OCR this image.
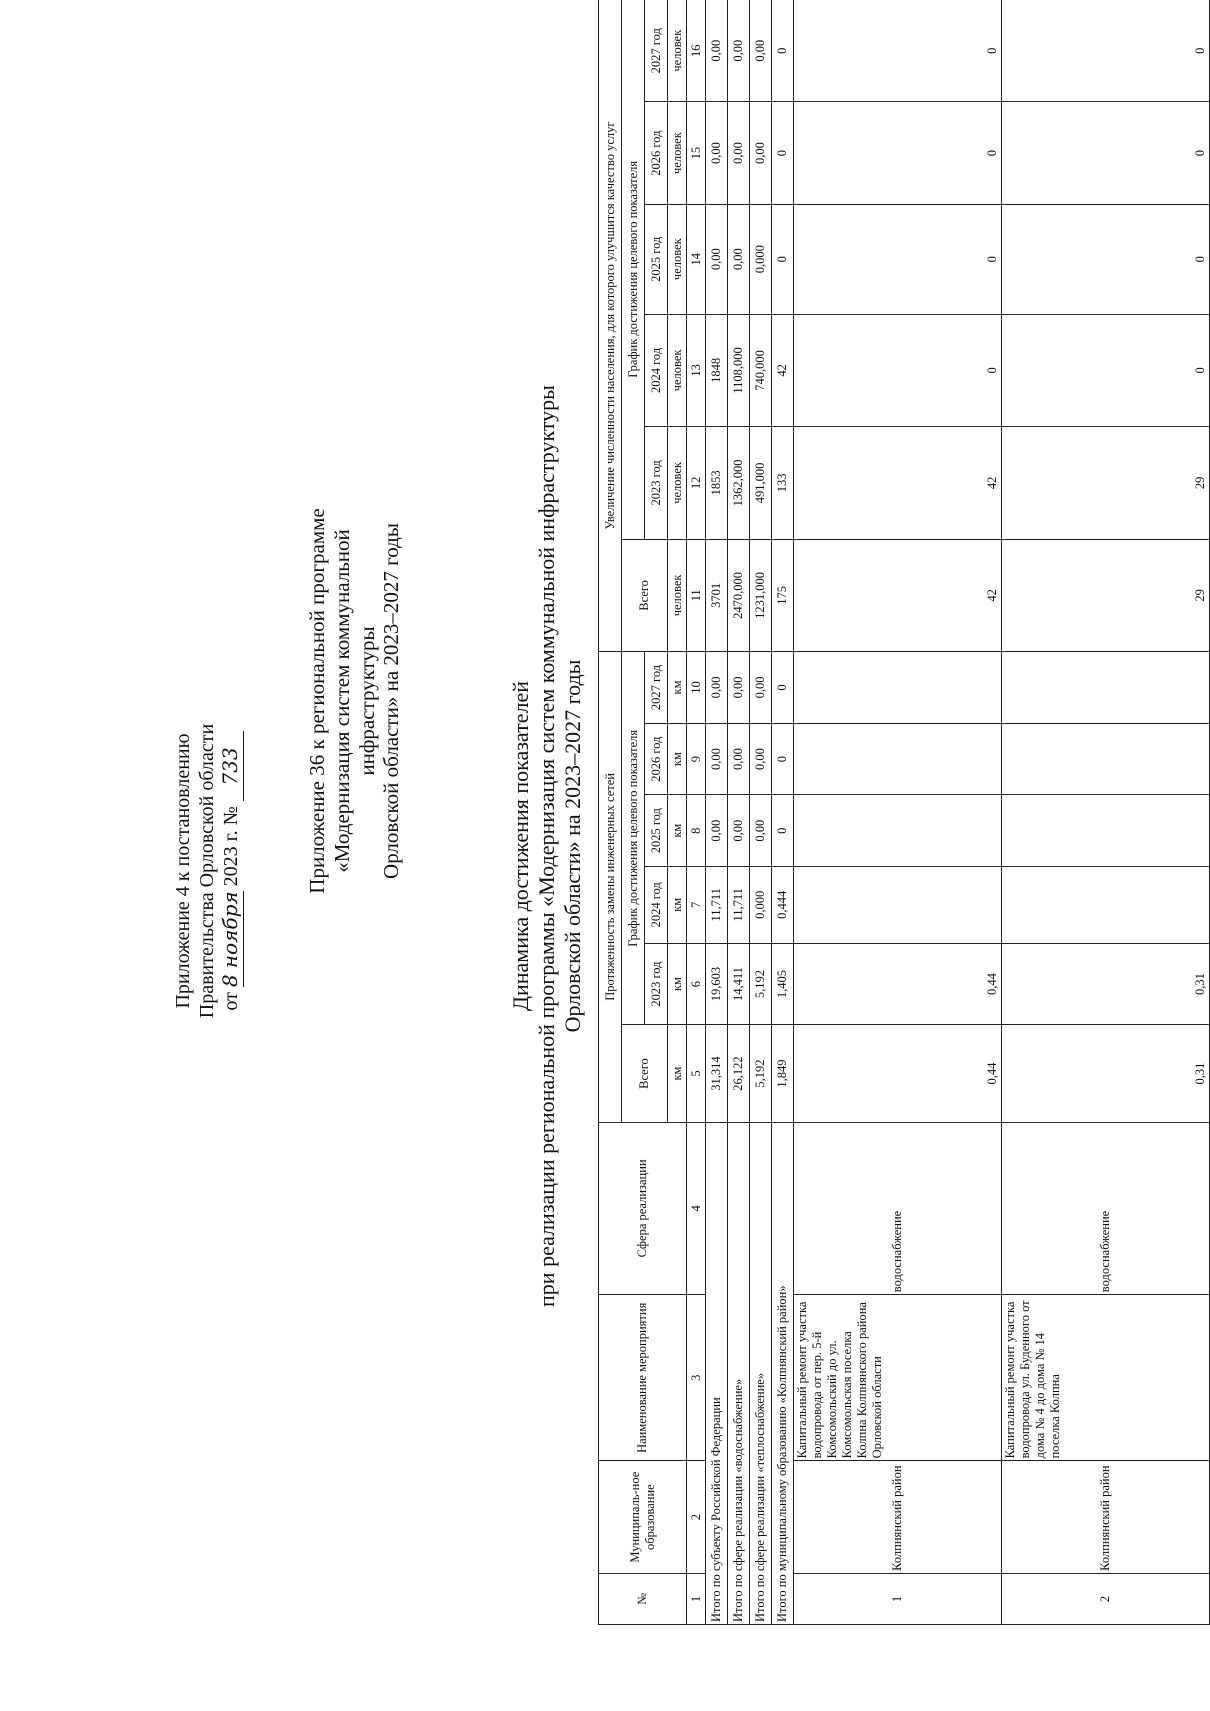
Приложение 4 к постановлению Правительства Орловской области от 8 ноября 2023 г. № 733	Приложение 36 к региональной программе «Модернизация систем коммунальной инфраструктуры Орловской области» на 2023–2027 годы	Динамика достижения показателей при реализации региональной программы «Модернизация систем коммунальной инфраструктуры Орловской области» на 2023–2027 годы
№	Муниципаль-ное образование	Наименование мероприятия	Сфера реализации	Протяженность замены инженерных сетей						Увеличение численности населения, для которого улучшится качество услуг					
				Всего	График достижения целевого показателя					Всего	График достижения целевого показателя				
					2023 год	2024 год	2025 год	2026 год	2027 год		2023 год	2024 год	2025 год	2026 год	2027 год
				км	км	км	км	км	км	человек	человек	человек	человек	человек	человек
1	2	3	4	5	6	7	8	9	10	11	12	13	14	15	16
Итого по субъекту Российской Федерации				31,314	19,603	11,711	0,00	0,00	0,00	3701	1853	1848	0,00	0,00	0,00
Итого по сфере реализации «водоснабжение»				26,122	14,411	11,711	0,00	0,00	0,00	2470,000	1362,000	1108,000	0,00	0,00	0,00
Итого по сфере реализации «теплоснабжение»				5,192	5,192	0,000	0,00	0,00	0,00	1231,000	491,000	740,000	0,000	0,00	0,00
Итого по муниципальному образованию «Колпнянский район»				1,849	1,405	0,444	0	0	0	175	133	42	0	0	0
1	Колпнянский район	Капитальный ремонт участка водопровода от пер. 5-й Комсомольский до ул. Комсомольская поселка Колпна Колпнянского района Орловской области	водоснабжение	0,44	0,44					42	42	0	0	0	0
2	Колпнянский район	Капитальный ремонт участка водопровода ул. Буденного от дома № 4 до дома № 14 поселка Колпна	водоснабжение	0,31	0,31					29	29	0	0	0	0
